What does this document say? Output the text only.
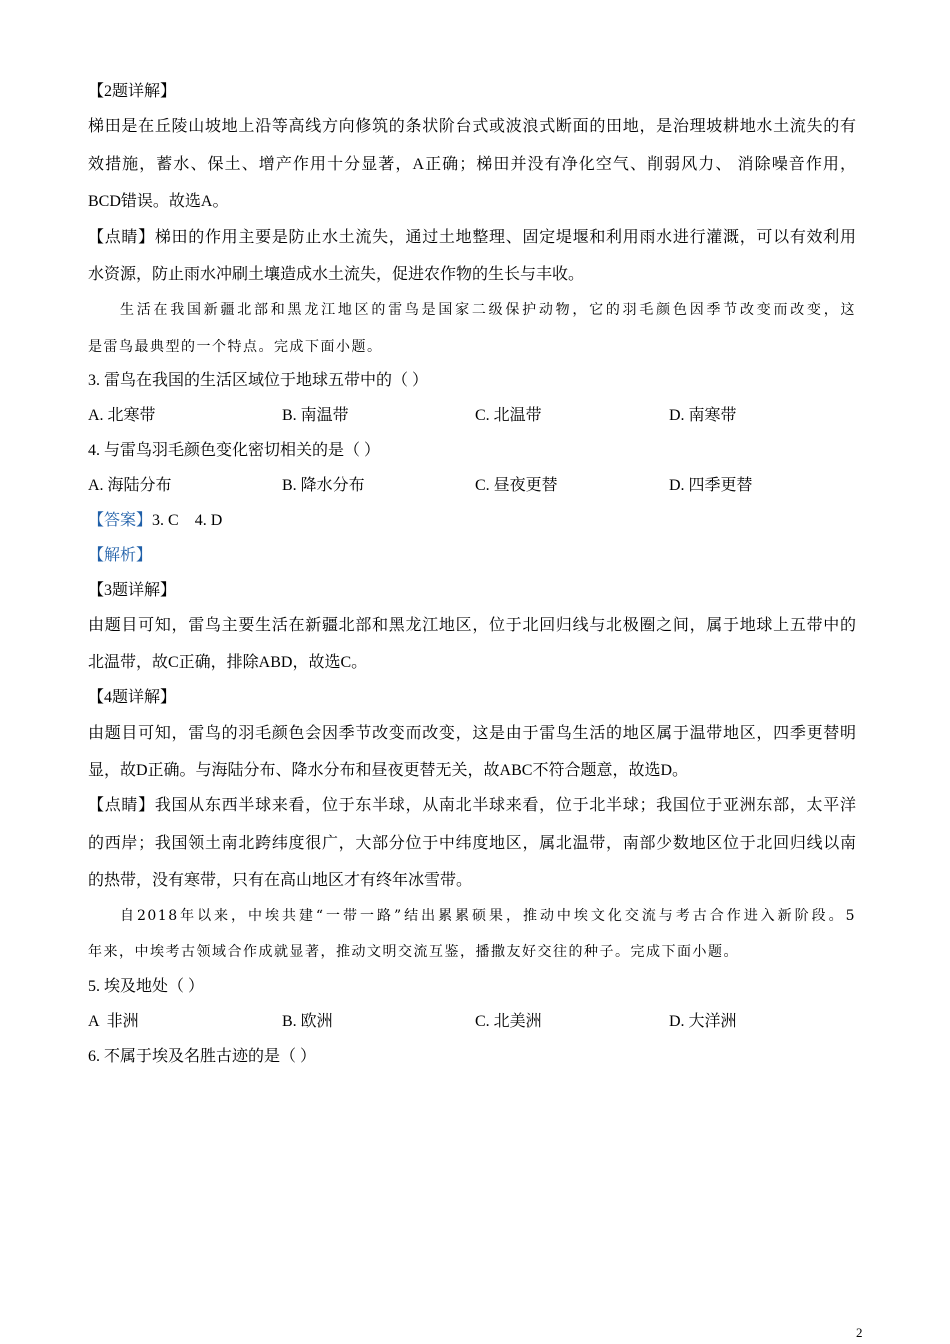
【2题详解】
梯田是在丘陵山坡地上沿等高线方向修筑的条状阶台式或波浪式断面的田地，是治理坡耕地水土流失的有
效措施，蓄水、保土、增产作用十分显著，A正确；梯田并没有净化空气、削弱风力、 消除噪音作用，
BCD错误。故选A。
【点睛】梯田的作用主要是防止水土流失，通过土地整理、固定堤堰和利用雨水进行灌溉，可以有效利用
水资源，防止雨水冲刷土壤造成水土流失，促进农作物的生长与丰收。
生活在我国新疆北部和黑龙江地区的雷鸟是国家二级保护动物，它的羽毛颜色因季节改变而改变，这
是雷鸟最典型的一个特点。完成下面小题。
3. 雷鸟在我国的生活区域位于地球五带中的（ ）
A. 北寒带	B. 南温带	C. 北温带	D. 南寒带
4. 与雷鸟羽毛颜色变化密切相关的是（ ）
A. 海陆分布	B. 降水分布	C. 昼夜更替	D. 四季更替
【答案】3. C    4. D
【解析】
【3题详解】
由题目可知，雷鸟主要生活在新疆北部和黑龙江地区，位于北回归线与北极圈之间，属于地球上五带中的
北温带，故C正确，排除ABD，故选C。
【4题详解】
由题目可知，雷鸟的羽毛颜色会因季节改变而改变，这是由于雷鸟生活的地区属于温带地区，四季更替明
显，故D正确。与海陆分布、降水分布和昼夜更替无关，故ABC不符合题意，故选D。
【点睛】我国从东西半球来看，位于东半球，从南北半球来看，位于北半球；我国位于亚洲东部，太平洋
的西岸；我国领土南北跨纬度很广，大部分位于中纬度地区，属北温带，南部少数地区位于北回归线以南
的热带，没有寒带，只有在高山地区才有终年冰雪带。
自2018年以来，中埃共建“一带一路”结出累累硕果，推动中埃文化交流与考古合作进入新阶段。5
年来，中埃考古领域合作成就显著，推动文明交流互鉴，播撒友好交往的种子。完成下面小题。
5. 埃及地处（ ）
A  非洲	B. 欧洲	C. 北美洲	D. 大洋洲
6. 不属于埃及名胜古迹的是（ ）
2
